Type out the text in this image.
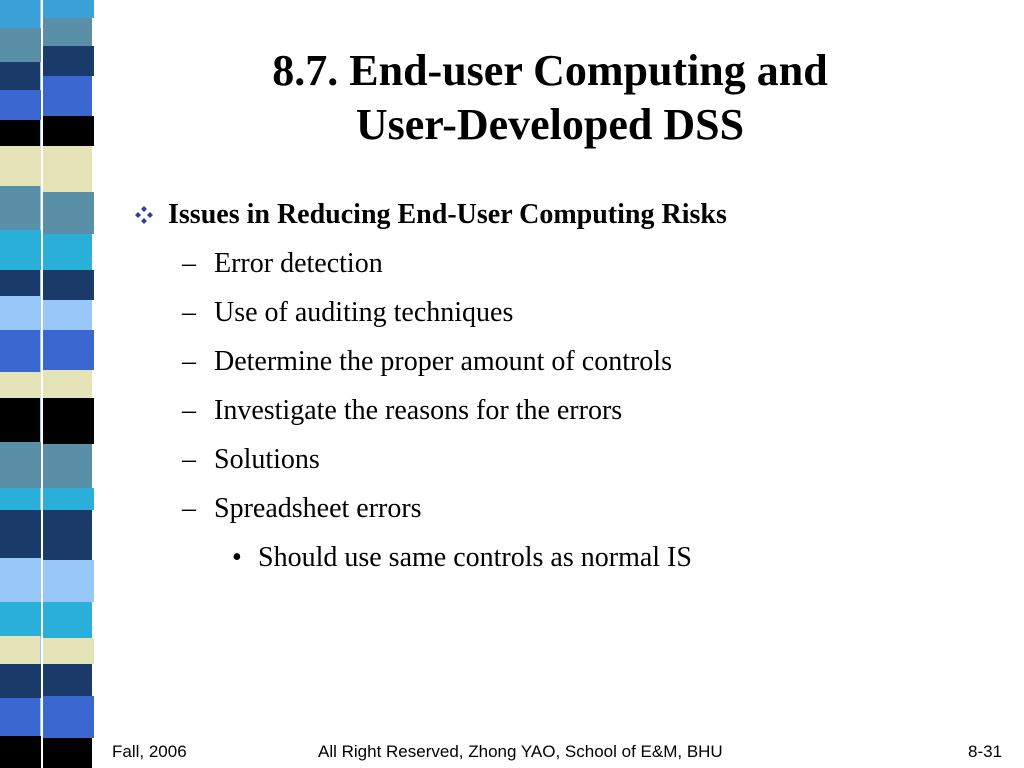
8.7. End-user Computing and
User-Developed DSS
Issues in Reducing End-User Computing Risks
– Error detection
– Use of auditing techniques
– Determine the proper amount of controls
– Investigate the reasons for the errors
– Solutions
– Spreadsheet errors
• Should use same controls as normal IS
Fall, 2006	All Right Reserved, Zhong YAO, School of E&M, BHU	8-31
